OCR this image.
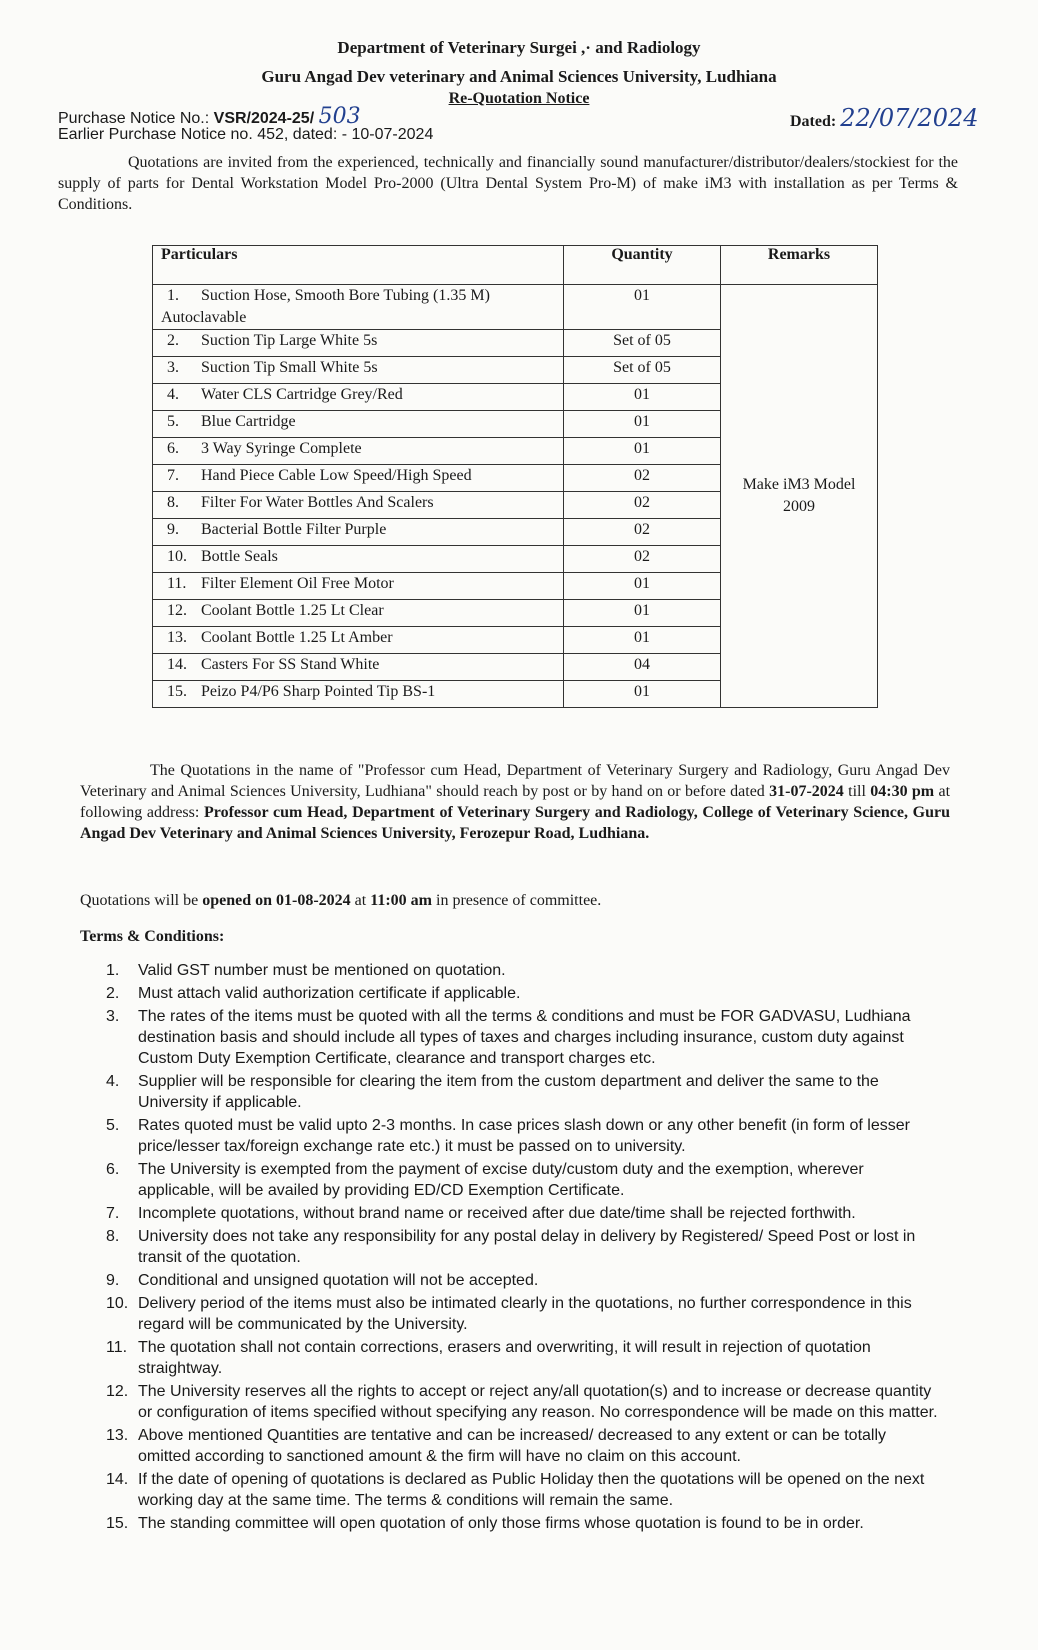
Department of Veterinary Surgei ,· and Radiology
Guru Angad Dev veterinary and Animal Sciences University, Ludhiana
Re-Quotation Notice
Purchase Notice No.: VSR/2024-25/ 503
Earlier Purchase Notice no. 452, dated: - 10-07-2024
Dated: 22/07/2024
Quotations are invited from the experienced, technically and financially sound manufacturer/distributor/dealers/stockiest for the supply of parts for Dental Workstation Model Pro-2000 (Ultra Dental System Pro-M) of make iM3 with installation as per Terms & Conditions.
Particulars	Quantity	Remarks
1. Suction Hose, Smooth Bore Tubing (1.35 M) Autoclavable	01	Make iM3 Model 2009
2. Suction Tip Large White 5s	Set of 05	
3. Suction Tip Small White 5s	Set of 05	
4. Water CLS Cartridge Grey/Red	01	
5. Blue Cartridge	01	
6. 3 Way Syringe Complete	01	
7. Hand Piece Cable Low Speed/High Speed	02	
8. Filter For Water Bottles And Scalers	02	
9. Bacterial Bottle Filter Purple	02	
10. Bottle Seals	02	
11. Filter Element Oil Free Motor	01	
12. Coolant Bottle 1.25 Lt Clear	01	
13. Coolant Bottle 1.25 Lt Amber	01	
14. Casters For SS Stand White	04	
15. Peizo P4/P6 Sharp Pointed Tip BS-1	01	
The Quotations in the name of "Professor cum Head, Department of Veterinary Surgery and Radiology, Guru Angad Dev Veterinary and Animal Sciences University, Ludhiana" should reach by post or by hand on or before dated 31-07-2024 till 04:30 pm at following address: Professor cum Head, Department of Veterinary Surgery and Radiology, College of Veterinary Science, Guru Angad Dev Veterinary and Animal Sciences University, Ferozepur Road, Ludhiana.
Quotations will be opened on 01-08-2024 at 11:00 am in presence of committee.
Terms & Conditions:
1.	Valid GST number must be mentioned on quotation.
2.	Must attach valid authorization certificate if applicable.
3.	The rates of the items must be quoted with all the terms & conditions and must be FOR GADVASU, Ludhiana destination basis and should include all types of taxes and charges including insurance, custom duty against Custom Duty Exemption Certificate, clearance and transport charges etc.
4.	Supplier will be responsible for clearing the item from the custom department and deliver the same to the University if applicable.
5.	Rates quoted must be valid upto 2-3 months. In case prices slash down or any other benefit (in form of lesser price/lesser tax/foreign exchange rate etc.) it must be passed on to university.
6.	The University is exempted from the payment of excise duty/custom duty and the exemption, wherever applicable, will be availed by providing ED/CD Exemption Certificate.
7.	Incomplete quotations, without brand name or received after due date/time shall be rejected forthwith.
8.	University does not take any responsibility for any postal delay in delivery by Registered/ Speed Post or lost in transit of the quotation.
9.	Conditional and unsigned quotation will not be accepted.
10. Delivery period of the items must also be intimated clearly in the quotations, no further correspondence in this regard will be communicated by the University.
11. The quotation shall not contain corrections, erasers and overwriting, it will result in rejection of quotation straightway.
12. The University reserves all the rights to accept or reject any/all quotation(s) and to increase or decrease quantity or configuration of items specified without specifying any reason. No correspondence will be made on this matter.
13. Above mentioned Quantities are tentative and can be increased/ decreased to any extent or can be totally omitted according to sanctioned amount & the firm will have no claim on this account.
14. If the date of opening of quotations is declared as Public Holiday then the quotations will be opened on the next working day at the same time. The terms & conditions will remain the same.
15. The standing committee will open quotation of only those firms whose quotation is found to be in order.
